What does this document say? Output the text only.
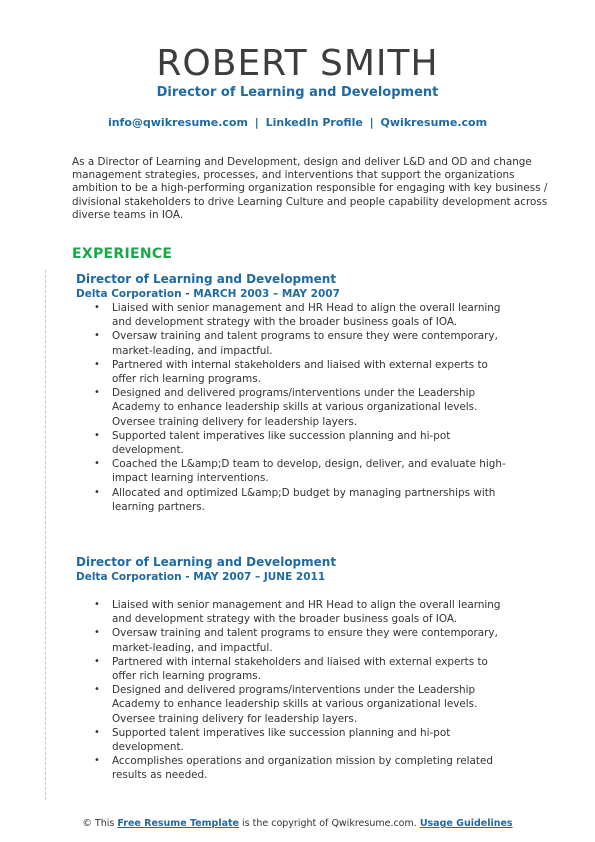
ROBERT SMITH
Director of Learning and Development
info@qwikresume.com | LinkedIn Profile | Qwikresume.com

As a Director of Learning and Development, design and deliver L&D and OD and change management strategies, processes, and interventions that support the organizations ambition to be a high-performing organization responsible for engaging with key business / divisional stakeholders to drive Learning Culture and people capability development across diverse teams in IOA.

EXPERIENCE
Director of Learning and Development
Delta Corporation - MARCH 2003 – MAY 2007
• Liaised with senior management and HR Head to align the overall learning and development strategy with the broader business goals of IOA.
• Oversaw training and talent programs to ensure they were contemporary, market-leading, and impactful.
• Partnered with internal stakeholders and liaised with external experts to offer rich learning programs.
• Designed and delivered programs/interventions under the Leadership Academy to enhance leadership skills at various organizational levels. Oversee training delivery for leadership layers.
• Supported talent imperatives like succession planning and hi-pot development.
• Coached the L&amp;D team to develop, design, deliver, and evaluate high-impact learning interventions.
• Allocated and optimized L&amp;D budget by managing partnerships with learning partners.
Director of Learning and Development
Delta Corporation - MAY 2007 – JUNE 2011
• Liaised with senior management and HR Head to align the overall learning and development strategy with the broader business goals of IOA.
• Oversaw training and talent programs to ensure they were contemporary, market-leading, and impactful.
• Partnered with internal stakeholders and liaised with external experts to offer rich learning programs.
• Designed and delivered programs/interventions under the Leadership Academy to enhance leadership skills at various organizational levels. Oversee training delivery for leadership layers.
• Supported talent imperatives like succession planning and hi-pot development.
• Accomplishes operations and organization mission by completing related results as needed.
© This Free Resume Template is the copyright of Qwikresume.com. Usage Guidelines
